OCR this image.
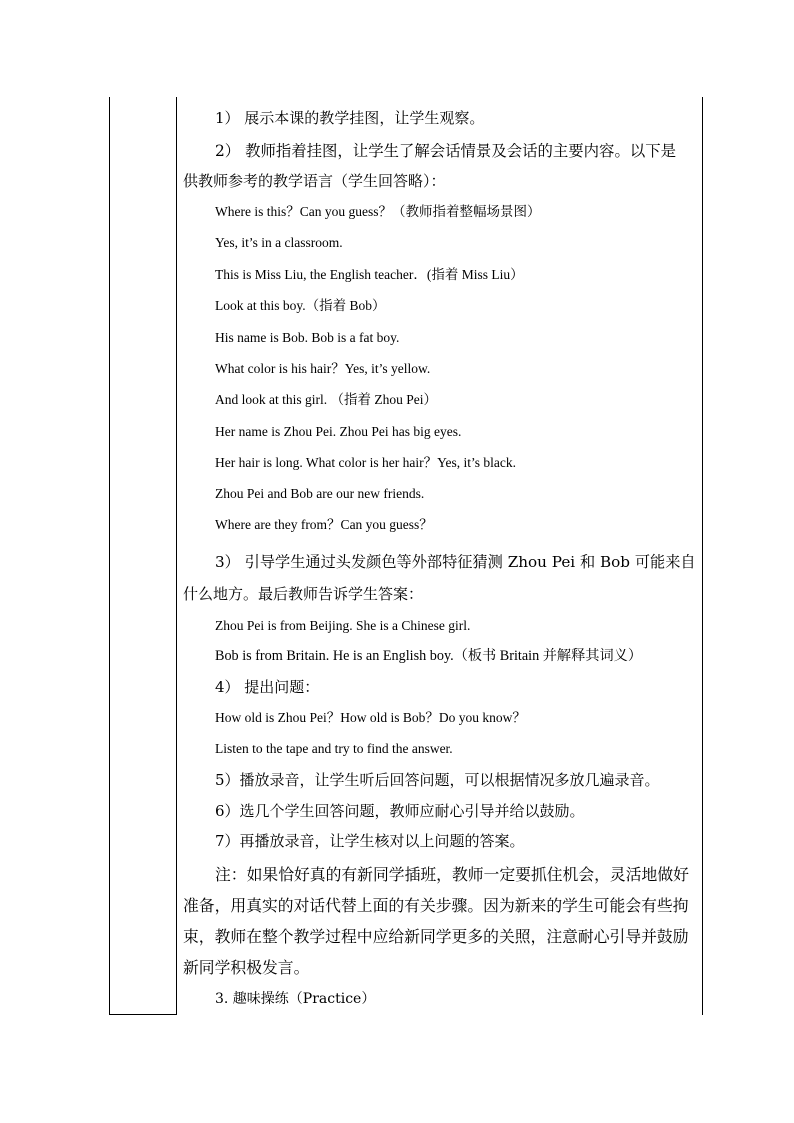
1） 展示本课的教学挂图，让学生观察。
2） 教师指着挂图，让学生了解会话情景及会话的主要内容。以下是
供教师参考的教学语言（学生回答略）：
Where is this？Can you guess？（教师指着整幅场景图）
Yes, it’s in a classroom.
This is Miss Liu, the English teacher．(指着 Miss Liu）
Look at this boy.（指着 Bob）
His name is Bob. Bob is a fat boy.
What color is his hair？Yes, it’s yellow.
And look at this girl. （指着 Zhou Pei）
Her name is Zhou Pei. Zhou Pei has big eyes.
Her hair is long. What color is her hair？Yes, it’s black.
Zhou Pei and Bob are our new friends.
Where are they from？Can you guess？
3） 引导学生通过头发颜色等外部特征猜测 Zhou Pei 和 Bob 可能来自
什么地方。最后教师告诉学生答案：
Zhou Pei is from Beijing. She is a Chinese girl.
Bob is from Britain. He is an English boy.（板书 Britain 并解释其词义）
4） 提出问题：
How old is Zhou Pei？How old is Bob？Do you know？
Listen to the tape and try to find the answer.
5）播放录音，让学生听后回答问题，可以根据情况多放几遍录音。
6）选几个学生回答问题，教师应耐心引导并给以鼓励。
7）再播放录音，让学生核对以上问题的答案。
注：如果恰好真的有新同学插班，教师一定要抓住机会，灵活地做好
准备，用真实的对话代替上面的有关步骤。因为新来的学生可能会有些拘
束，教师在整个教学过程中应给新同学更多的关照，注意耐心引导并鼓励
新同学积极发言。
3. 趣味操练（Practice）
